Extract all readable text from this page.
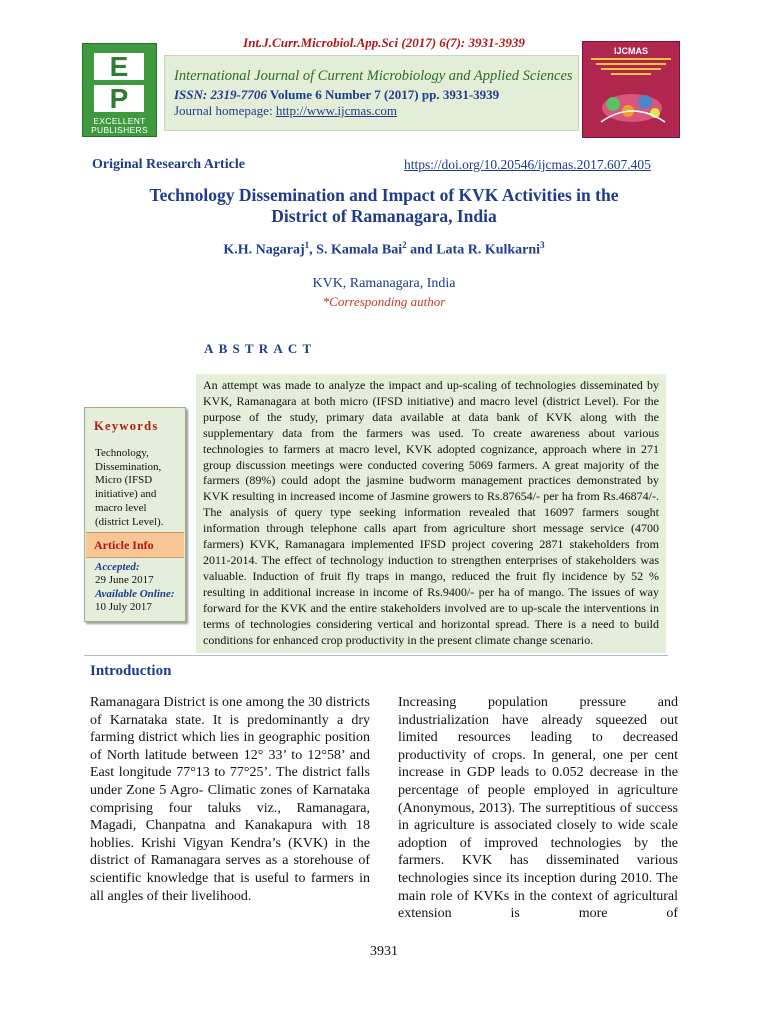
Int.J.Curr.Microbiol.App.Sci (2017) 6(7): 3931-3939
E
P
EXCELLENT
PUBLISHERS
International Journal of Current Microbiology and Applied Sciences
ISSN: 2319-7706 Volume 6 Number 7 (2017) pp. 3931-3939
Journal homepage: http://www.ijcmas.com
IJCMAS
Original Research Article	https://doi.org/10.20546/ijcmas.2017.607.405
Technology Dissemination and Impact of KVK Activities in the
District of Ramanagara, India
K.H. Nagaraj$^1$, S. Kamala Bai$^2$ and Lata R. Kulkarni$^3$
KVK, Ramanagara, India
*Corresponding author
ABSTRACT
An attempt was made to analyze the impact and up-scaling of technologies disseminated by KVK, Ramanagara at both micro (IFSD initiative) and macro level (district Level). For the purpose of the study, primary data available at data bank of KVK along with the supplementary data from the farmers was used. To create awareness about various technologies to farmers at macro level, KVK adopted cognizance, approach where in 271 group discussion meetings were conducted covering 5069 farmers. A great majority of the farmers (89%) could adopt the jasmine budworm management practices demonstrated by KVK resulting in increased income of Jasmine growers to Rs.87654/- per ha from Rs.46874/-. The analysis of query type seeking information revealed that 16097 farmers sought information through telephone calls apart from agriculture short message service (4700 farmers) KVK, Ramanagara implemented IFSD project covering 2871 stakeholders from 2011-2014. The effect of technology induction to strengthen enterprises of stakeholders was valuable. Induction of fruit fly traps in mango, reduced the fruit fly incidence by 52 % resulting in additional increase in income of Rs.9400/- per ha of mango. The issues of way forward for the KVK and the entire stakeholders involved are to up-scale the interventions in terms of technologies considering vertical and horizontal spread. There is a need to build conditions for enhanced crop productivity in the present climate change scenario.
Keywords
Technology, Dissemination, Micro (IFSD initiative) and macro level (district Level).
Article Info
Accepted:
29 June 2017
Available Online:
10 July 2017
Introduction

Ramanagara District is one among the 30 districts of Karnataka state. It is predominantly a dry farming district which lies in geographic position of North latitude between 12° 33’ to 12°58’ and East longitude 77°13 to 77°25’. The district falls under Zone 5 Agro- Climatic zones of Karnataka comprising four taluks viz., Ramanagara, Magadi, Chanpatna and Kanakapura with 18 hoblies. Krishi Vigyan Kendra’s (KVK) in the district of Ramanagara serves as a storehouse of scientific knowledge that is useful to farmers in all angles of their livelihood.

Increasing population pressure and industrialization have already squeezed out limited resources leading to decreased productivity of crops. In general, one per cent increase in GDP leads to 0.052 decrease in the percentage of people employed in agriculture (Anonymous, 2013). The surreptitious of success in agriculture is associated closely to wide scale adoption of improved technologies by the farmers. KVK has disseminated various technologies since its inception during 2010. The main role of KVKs in the context of agricultural extension is more of

3931
